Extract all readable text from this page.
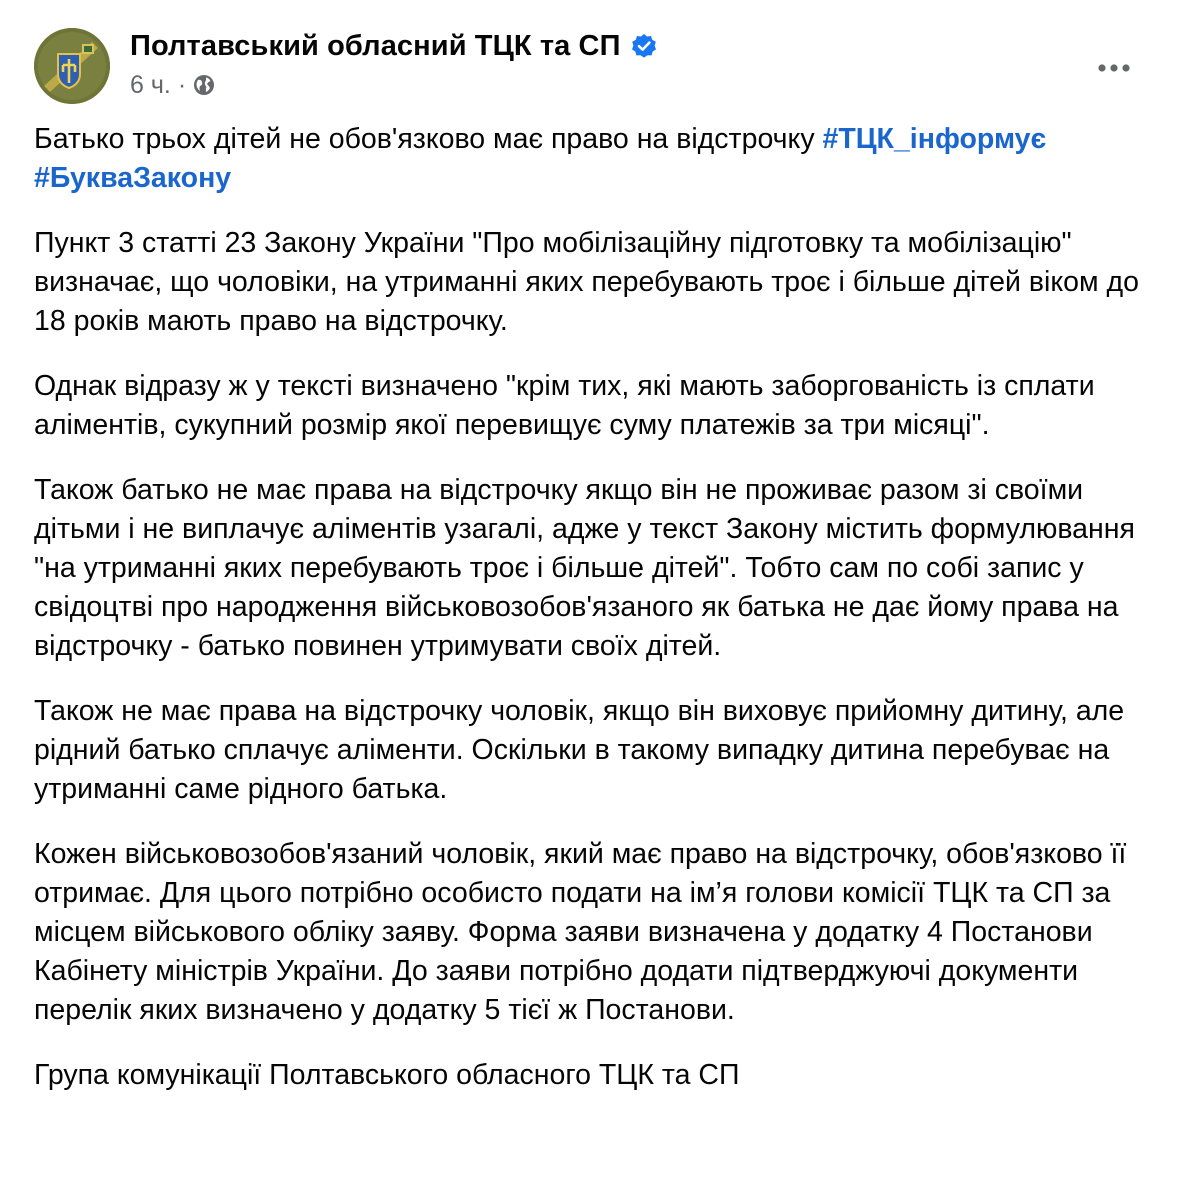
Полтавський обласний ТЦК та СП
6 ч. ·

Батько трьох дітей не обов'язково має право на відстрочку #ТЦК_інформує #БукваЗакону

Пункт 3 статті 23 Закону України "Про мобілізаційну підготовку та мобілізацію" визначає, що чоловіки, на утриманні яких перебувають троє і більше дітей віком до 18 років мають право на відстрочку.

Однак відразу ж у тексті визначено "крім тих, які мають заборгованість із сплати аліментів, сукупний розмір якої перевищує суму платежів за три місяці".

Також батько не має права на відстрочку якщо він не проживає разом зі своїми дітьми і не виплачує аліментів узагалі, адже у текст Закону містить формулювання "на утриманні яких перебувають троє і більше дітей". Тобто сам по собі запис у свідоцтві про народження військовозобов'язаного як батька не дає йому права на відстрочку - батько повинен утримувати своїх дітей.

Також не має права на відстрочку чоловік, якщо він виховує прийомну дитину, але рідний батько сплачує аліменти. Оскільки в такому випадку дитина перебуває на утриманні саме рідного батька.

Кожен військовозобов'язаний чоловік, який має право на відстрочку, обов'язково її отримає. Для цього потрібно особисто подати на ім’я голови комісії ТЦК та СП за місцем військового обліку заяву. Форма заяви визначена у додатку 4 Постанови Кабінету міністрів України. До заяви потрібно додати підтверджуючі документи перелік яких визначено у додатку 5 тієї ж Постанови.

Група комунікації Полтавського обласного ТЦК та СП
